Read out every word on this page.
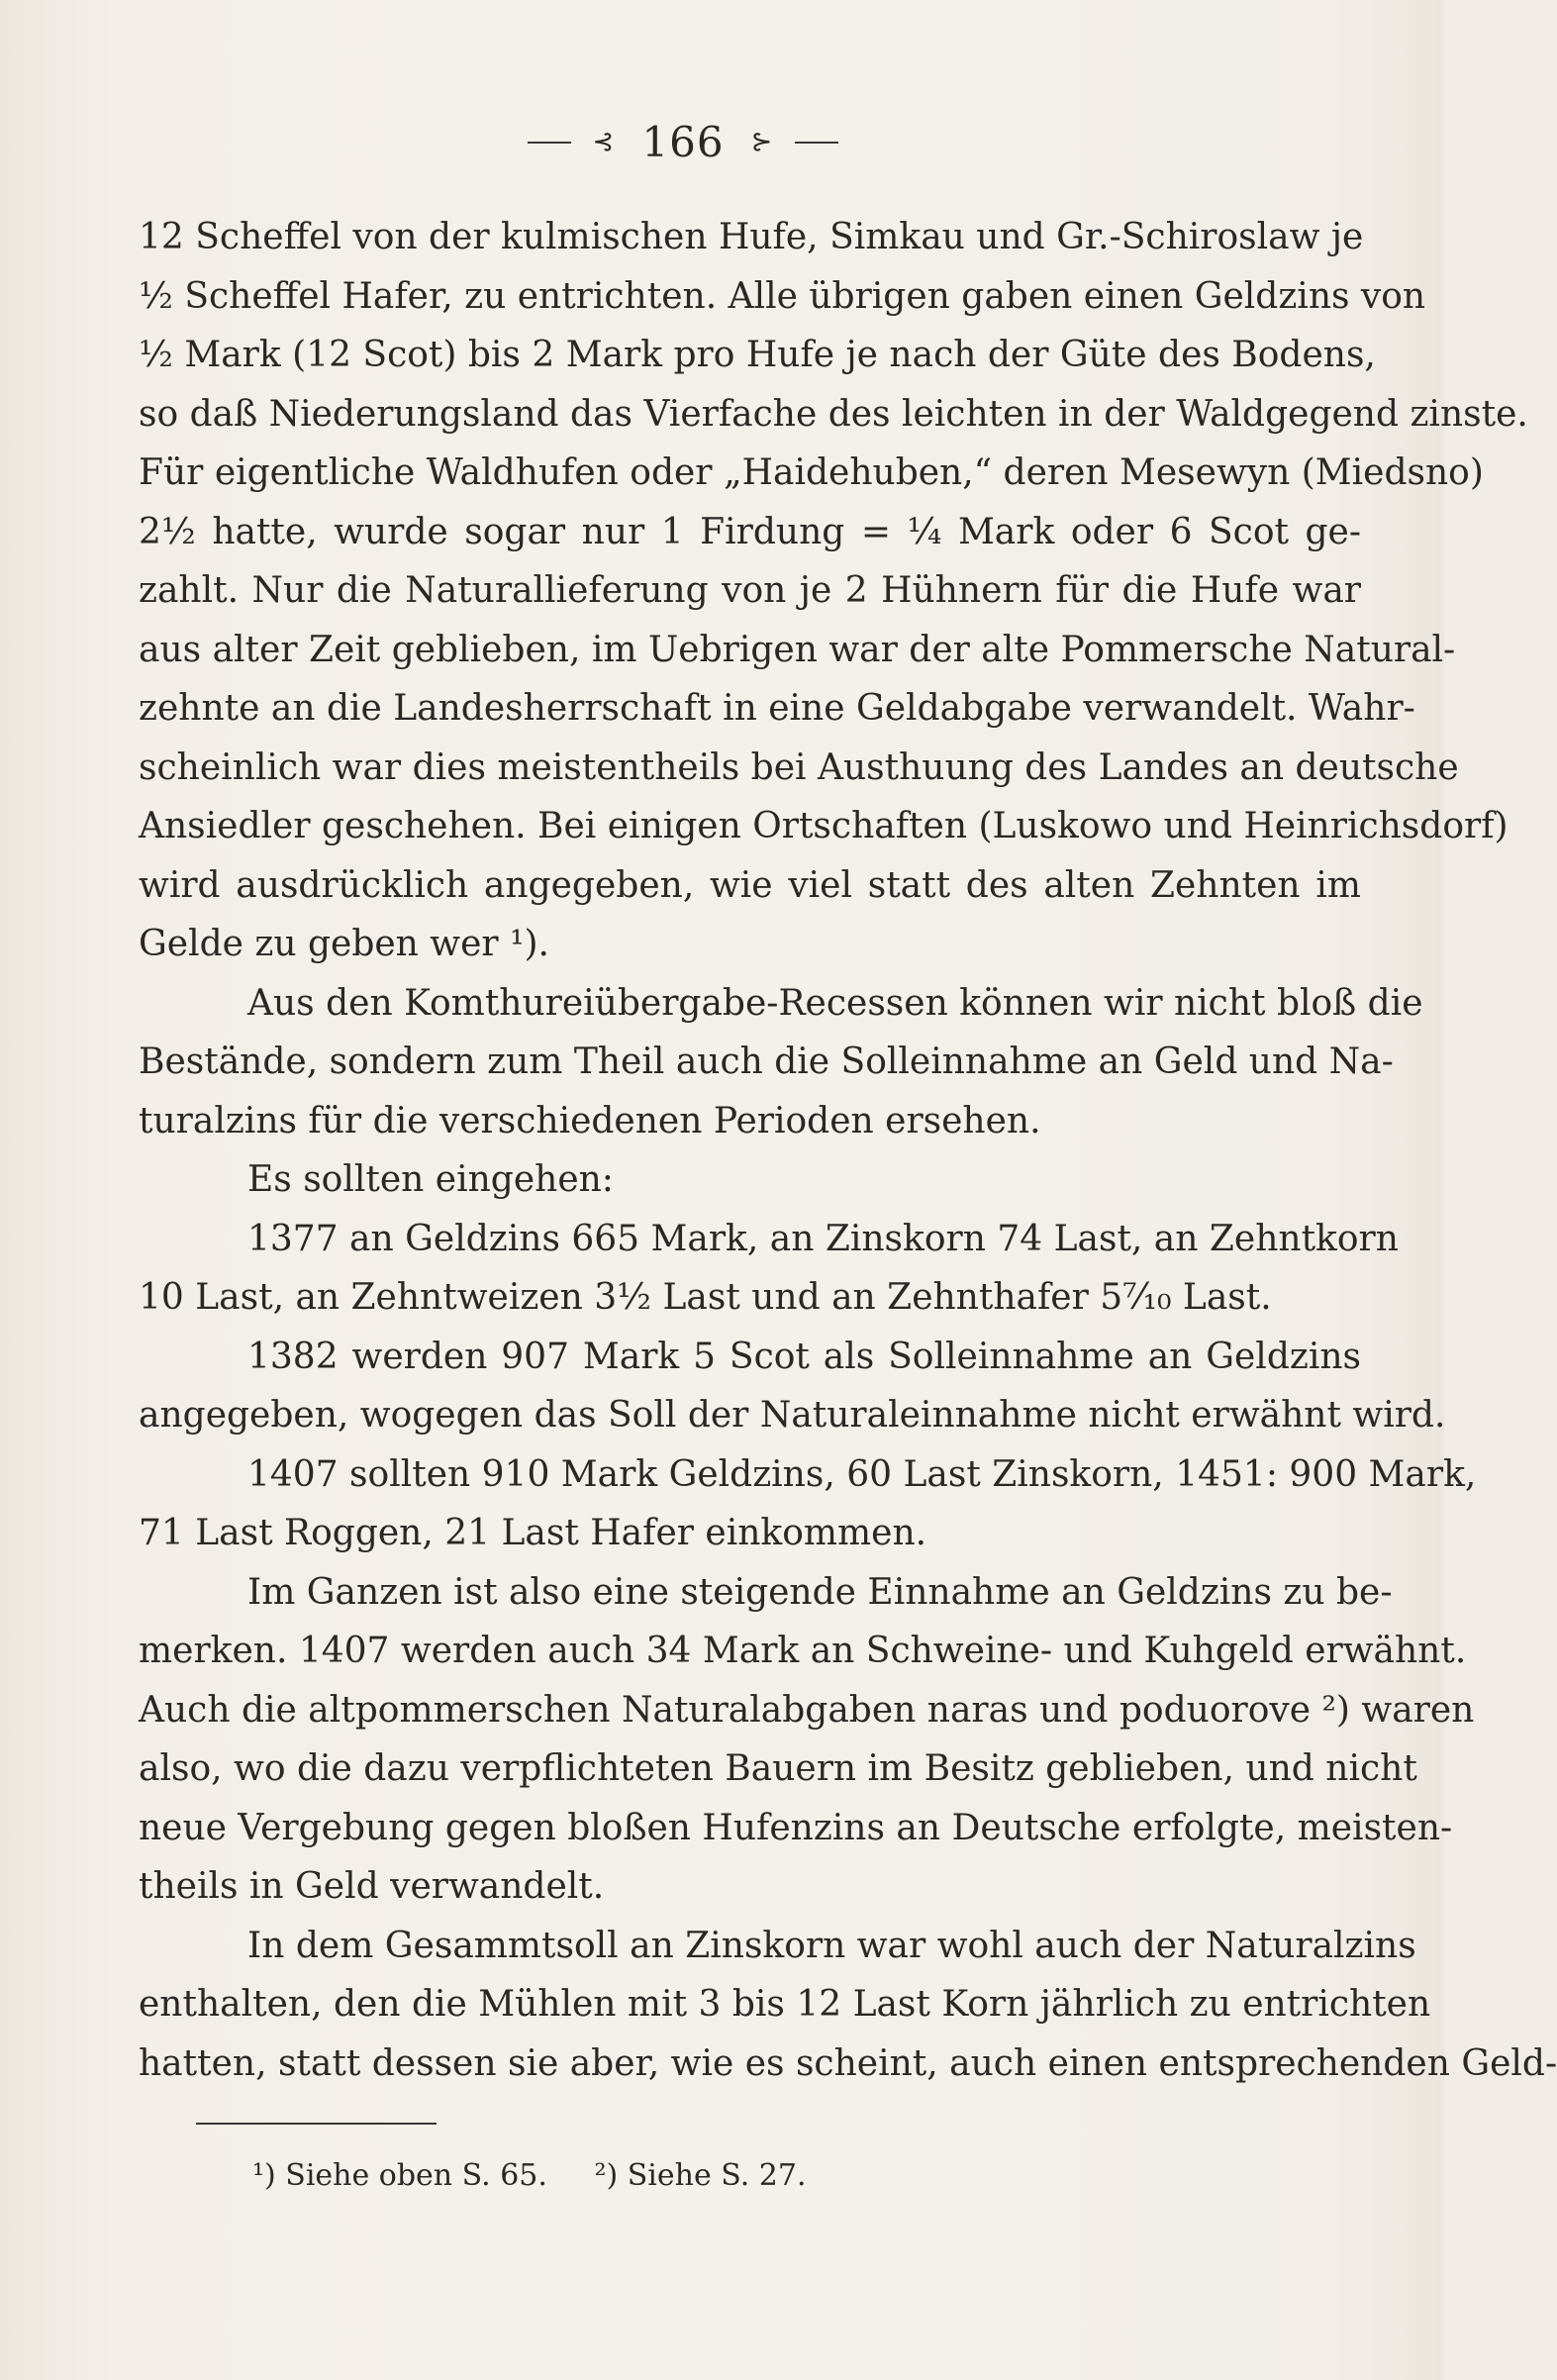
⊰ 166 ⊱
12 Scheffel von der kulmischen Hufe, Simkau und Gr.-Schiroslaw je
½ Scheffel Hafer, zu entrichten. Alle übrigen gaben einen Geldzins von
½ Mark (12 Scot) bis 2 Mark pro Hufe je nach der Güte des Bodens,
so daß Niederungsland das Vierfache des leichten in der Waldgegend zinste.
Für eigentliche Waldhufen oder „Haidehuben,“ deren Mesewyn (Miedsno)
2½ hatte, wurde sogar nur 1 Firdung = ¼ Mark oder 6 Scot ge-
zahlt. Nur die Naturallieferung von je 2 Hühnern für die Hufe war
aus alter Zeit geblieben, im Uebrigen war der alte Pommersche Natural-
zehnte an die Landesherrschaft in eine Geldabgabe verwandelt. Wahr-
scheinlich war dies meistentheils bei Austhuung des Landes an deutsche
Ansiedler geschehen. Bei einigen Ortschaften (Luskowo und Heinrichsdorf)
wird ausdrücklich angegeben, wie viel statt des alten Zehnten im
Gelde zu geben wer ¹).
Aus den Komthureiübergabe-Recessen können wir nicht bloß die
Bestände, sondern zum Theil auch die Solleinnahme an Geld und Na-
turalzins für die verschiedenen Perioden ersehen.
Es sollten eingehen:
1377 an Geldzins 665 Mark, an Zinskorn 74 Last, an Zehntkorn
10 Last, an Zehntweizen 3½ Last und an Zehnthafer 5⁷⁄₁₀ Last.
1382 werden 907 Mark 5 Scot als Solleinnahme an Geldzins
angegeben, wogegen das Soll der Naturaleinnahme nicht erwähnt wird.
1407 sollten 910 Mark Geldzins, 60 Last Zinskorn, 1451: 900 Mark,
71 Last Roggen, 21 Last Hafer einkommen.
Im Ganzen ist also eine steigende Einnahme an Geldzins zu be-
merken. 1407 werden auch 34 Mark an Schweine- und Kuhgeld erwähnt.
Auch die altpommerschen Naturalabgaben naras und poduorove ²) waren
also, wo die dazu verpflichteten Bauern im Besitz geblieben, und nicht
neue Vergebung gegen bloßen Hufenzins an Deutsche erfolgte, meisten-
theils in Geld verwandelt.
In dem Gesammtsoll an Zinskorn war wohl auch der Naturalzins
enthalten, den die Mühlen mit 3 bis 12 Last Korn jährlich zu entrichten
hatten, statt dessen sie aber, wie es scheint, auch einen entsprechenden Geld-
¹) Siehe oben S. 65. ²) Siehe S. 27.
